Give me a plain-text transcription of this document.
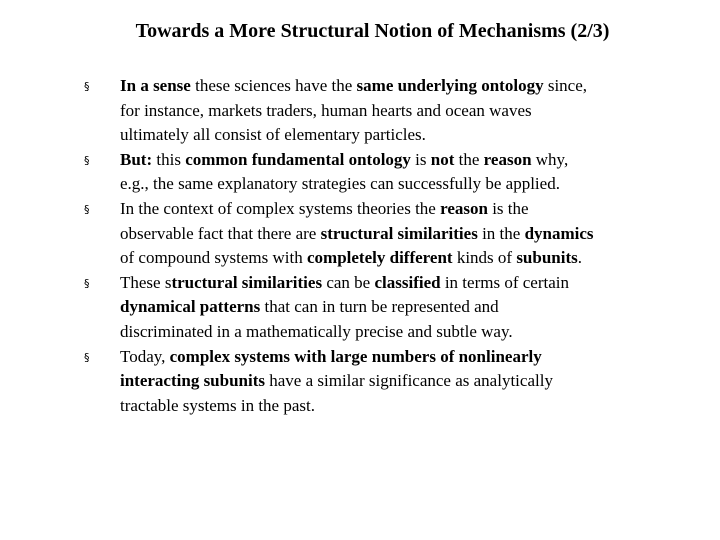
Towards a More Structural Notion of Mechanisms (2/3)
§ In a sense these sciences have the same underlying ontology since,
for instance, markets traders, human hearts and ocean waves
ultimately all consist of elementary particles.
§ But: this common fundamental ontology is not the reason why,
e.g., the same explanatory strategies can successfully be applied.
§ In the context of complex systems theories the reason is the
observable fact that there are structural similarities in the dynamics
of compound systems with completely different kinds of subunits.
§ These structural similarities can be classified in terms of certain
dynamical patterns that can in turn be represented and
discriminated in a mathematically precise and subtle way.
§ Today, complex systems with large numbers of nonlinearly
interacting subunits have a similar significance as analytically
tractable systems in the past.
